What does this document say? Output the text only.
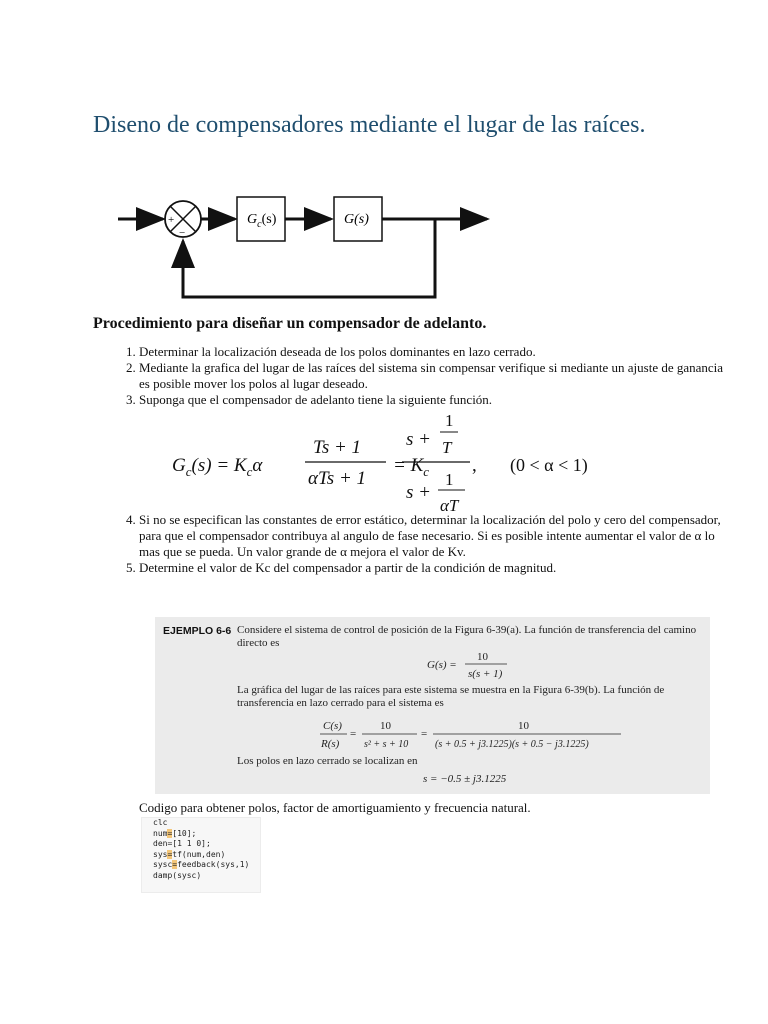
Diseno de compensadores mediante el lugar de las raíces.
+
−
$G_c(s)$	G(s)
Procedimiento para diseñar un compensador de adelanto.
1. Determinar la localización deseada de los polos dominantes en lazo cerrado.
2. Mediante la grafica del lugar de las raíces del sistema sin compensar verifique si mediante un ajuste de ganancia es posible mover los polos al lugar deseado.
3. Suponga que el compensador de adelanto tiene la siguiente función.
4. Si no se especifican las constantes de error estático, determinar la localización del polo y cero del compensador, para que el compensador contribuya al angulo de fase necesario. Si es posible intente aumentar el valor de α lo mas que se pueda. Un valor grande de α mejora el valor de Kv.
5. Determine el valor de Kc del compensador a partir de la condición de magnitud.
$G_c(s) = K_c\alpha$
Ts + 1
αTs + 1
= $K_c$
s +
1
T
s +
1
αT
, (0 < α < 1)
EJEMPLO 6-6 Considere el sistema de control de posición de la Figura 6-39(a). La función de transferencia del camino directo es
G(s) =
10
s(s + 1)
La gráfica del lugar de las raíces para este sistema se muestra en la Figura 6-39(b). La función de transferencia en lazo cerrado para el sistema es
C(s)
R(s)
=
10
s² + s + 10
=
10
(s + 0.5 + j3.1225)(s + 0.5 − j3.1225)
Los polos en lazo cerrado se localizan en
s = −0.5 ± j3.1225
Codigo para obtener polos, factor de amortiguamiento y frecuencia natural.
clc
num=[10];
den=[1 1 0];
sys=tf(num,den)
sysc=feedback(sys,1)
damp(sysc)
